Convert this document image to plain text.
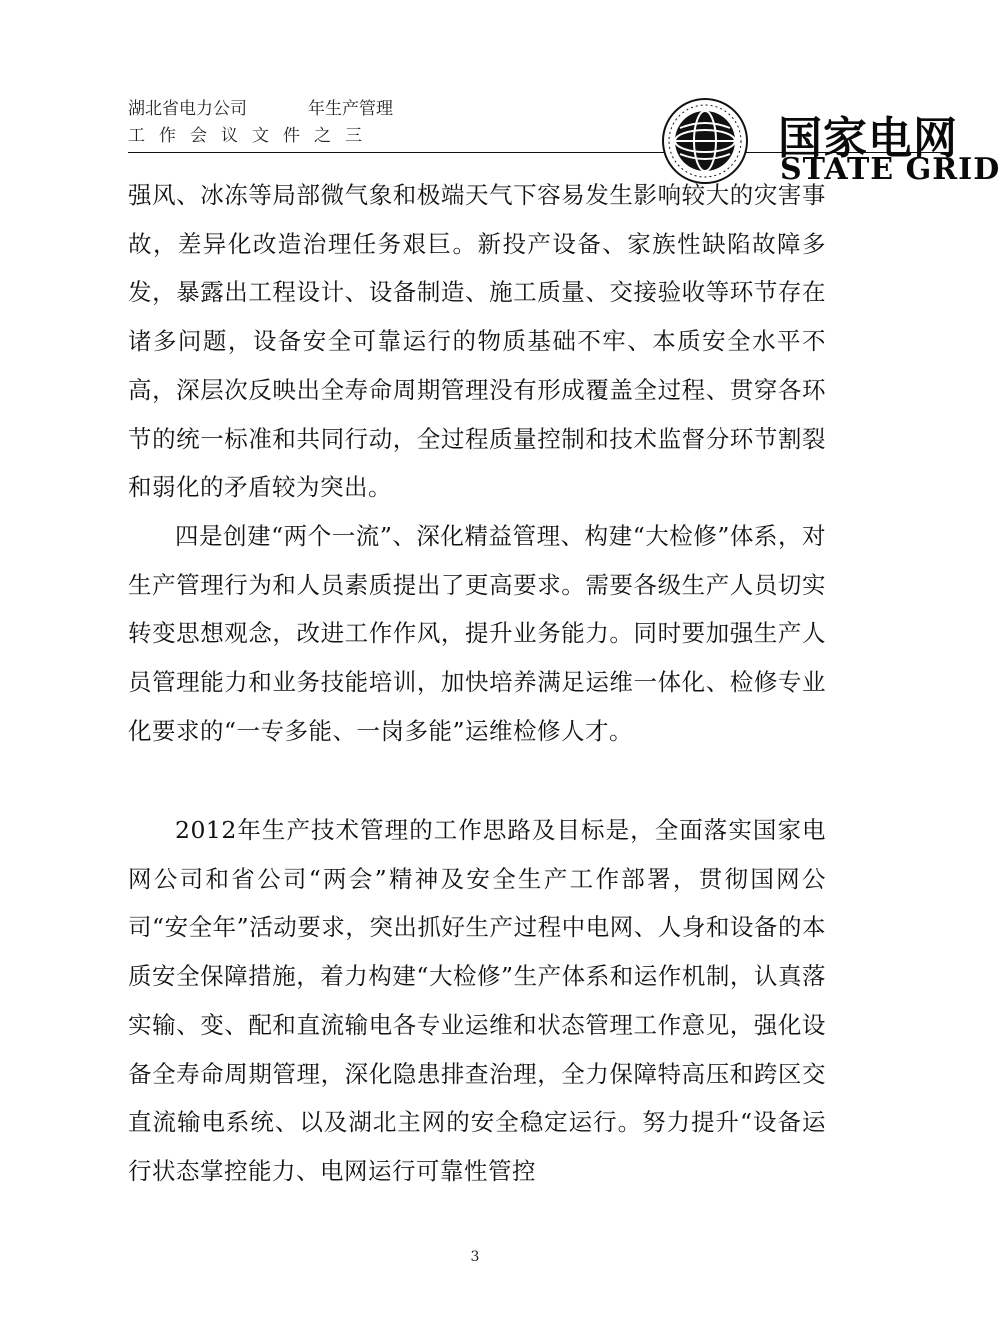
湖北省电力公司	年生产管理
工作会议文件之三	国家电网
STATE GRID

强风、冰冻等局部微气象和极端天气下容易发生影响较大的灾害事故，差异化改造治理任务艰巨。新投产设备、家族性缺陷故障多发，暴露出工程设计、设备制造、施工质量、交接验收等环节存在诸多问题，设备安全可靠运行的物质基础不牢、本质安全水平不高，深层次反映出全寿命周期管理没有形成覆盖全过程、贯穿各环节的统一标准和共同行动，全过程质量控制和技术监督分环节割裂和弱化的矛盾较为突出。

四是创建“两个一流”、深化精益管理、构建“大检修”体系，对生产管理行为和人员素质提出了更高要求。需要各级生产人员切实转变思想观念，改进工作作风，提升业务能力。同时要加强生产人员管理能力和业务技能培训，加快培养满足运维一体化、检修专业化要求的“一专多能、一岗多能”运维检修人才。

2012年生产技术管理的工作思路及目标是，全面落实国家电网公司和省公司“两会”精神及安全生产工作部署，贯彻国网公司“安全年”活动要求，突出抓好生产过程中电网、人身和设备的本质安全保障措施，着力构建“大检修”生产体系和运作机制，认真落实输、变、配和直流输电各专业运维和状态管理工作意见，强化设备全寿命周期管理，深化隐患排查治理，全力保障特高压和跨区交直流输电系统、以及湖北主网的安全稳定运行。努力提升“设备运行状态掌控能力、电网运行可靠性管控

3
